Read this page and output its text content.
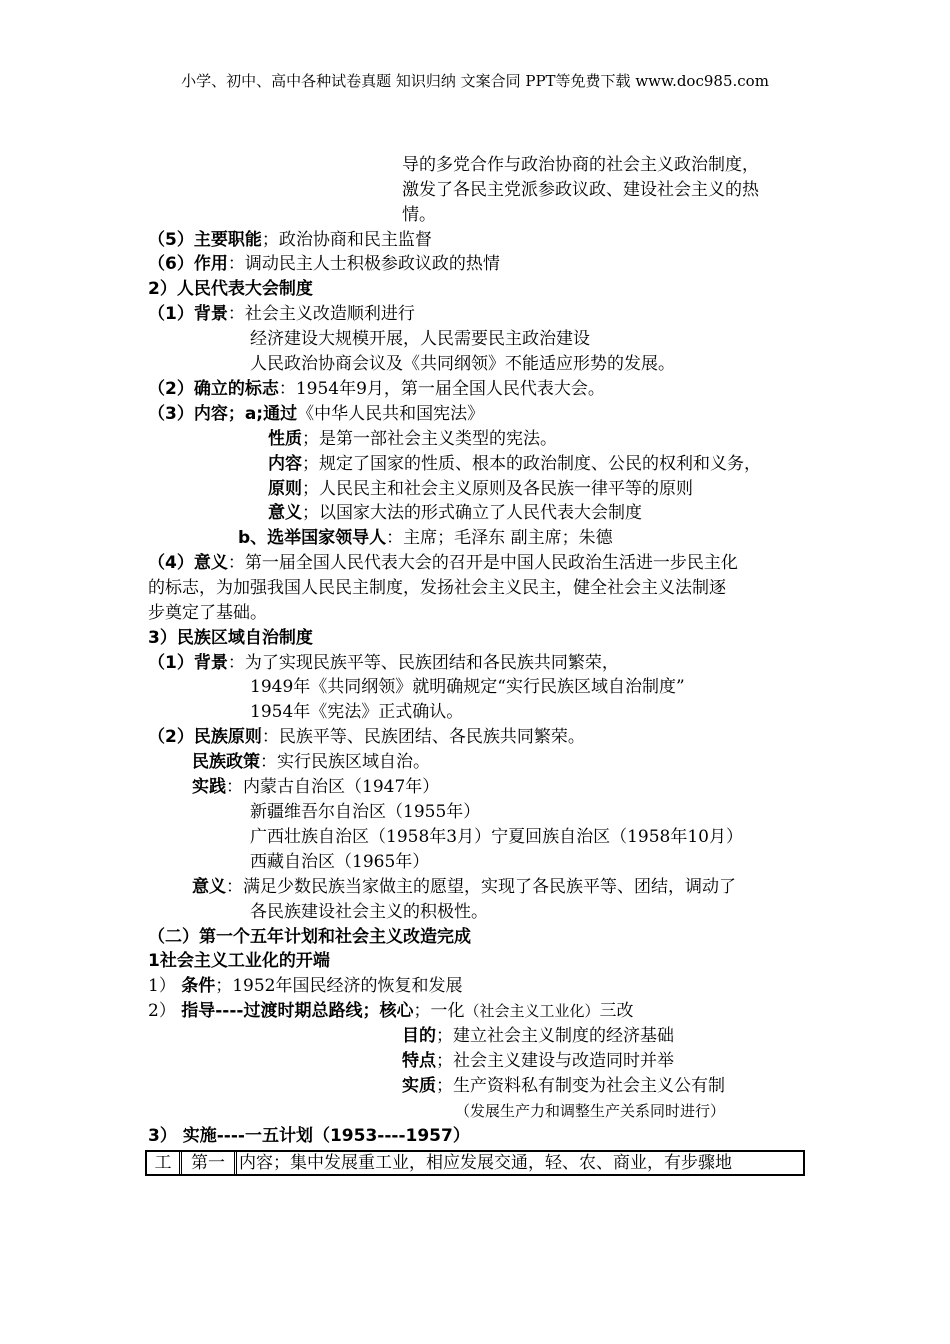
小学、初中、高中各种试卷真题 知识归纳 文案合同 PPT等免费下载 www.doc985.com
导的多党合作与政治协商的社会主义政治制度，
激发了各民主党派参政议政、建设社会主义的热
情。
（5）主要职能；政治协商和民主监督
（6）作用：调动民主人士积极参政议政的热情
2）人民代表大会制度
（1）背景：社会主义改造顺利进行
经济建设大规模开展，人民需要民主政治建设
人民政治协商会议及《共同纲领》不能适应形势的发展。
（2）确立的标志：1954年9月，第一届全国人民代表大会。
（3）内容；a;通过《中华人民共和国宪法》
性质；是第一部社会主义类型的宪法。
内容；规定了国家的性质、根本的政治制度、公民的权利和义务，
原则；人民民主和社会主义原则及各民族一律平等的原则
意义；以国家大法的形式确立了人民代表大会制度
b、选举国家领导人：主席；毛泽东 副主席；朱德
（4）意义：第一届全国人民代表大会的召开是中国人民政治生活进一步民主化
的标志，为加强我国人民民主制度，发扬社会主义民主，健全社会主义法制逐
步奠定了基础。
3）民族区域自治制度
（1）背景：为了实现民族平等、民族团结和各民族共同繁荣，
1949年《共同纲领》就明确规定“实行民族区域自治制度”
1954年《宪法》正式确认。
（2）民族原则：民族平等、民族团结、各民族共同繁荣。
民族政策：实行民族区域自治。
实践：内蒙古自治区（1947年）
新疆维吾尔自治区（1955年）
广西壮族自治区（1958年3月）宁夏回族自治区（1958年10月）
西藏自治区（1965年）
意义：满足少数民族当家做主的愿望，实现了各民族平等、团结，调动了
各民族建设社会主义的积极性。
（二）第一个五年计划和社会主义改造完成
1社会主义工业化的开端
1） 条件；1952年国民经济的恢复和发展
2） 指导----过渡时期总路线；核心；一化（社会主义工业化）三改
目的；建立社会主义制度的经济基础
特点；社会主义建设与改造同时并举
实质；生产资料私有制变为社会主义公有制
（发展生产力和调整生产关系同时进行）
3） 实施----一五计划（1953----1957）
工	第一 内容；集中发展重工业，相应发展交通，轻、农、商业，有步骤地
